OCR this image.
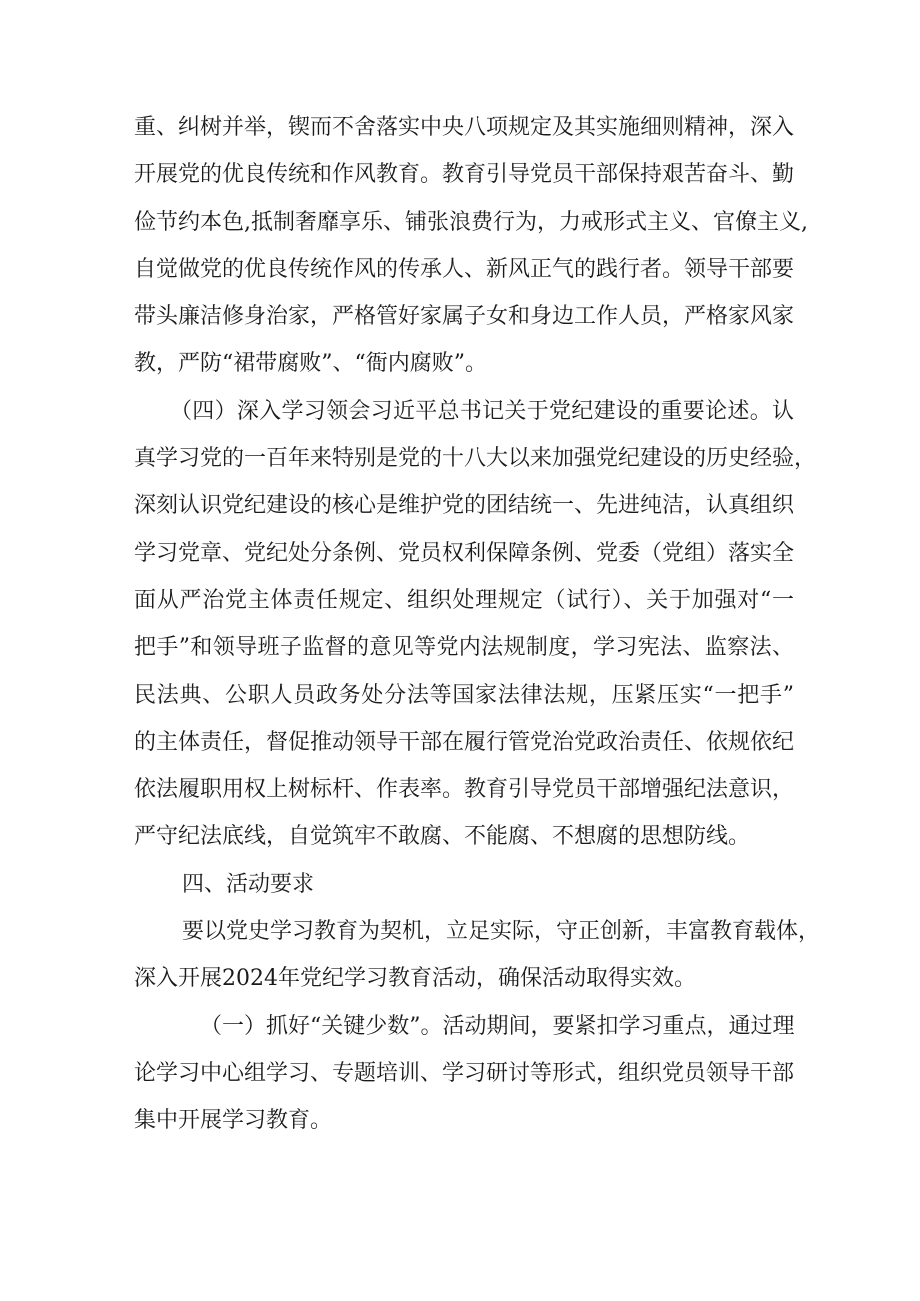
重、纠树并举，锲而不舍落实中央八项规定及其实施细则精神，深入
开展党的优良传统和作风教育。教育引导党员干部保持艰苦奋斗、勤
俭节约本色,抵制奢靡享乐、铺张浪费行为，力戒形式主义、官僚主义,
自觉做党的优良传统作风的传承人、新风正气的践行者。领导干部要
带头廉洁修身治家，严格管好家属子女和身边工作人员，严格家风家
教，严防“裙带腐败”、“衙内腐败”。
（四）深入学习领会习近平总书记关于党纪建设的重要论述。认
真学习党的一百年来特别是党的十八大以来加强党纪建设的历史经验，
深刻认识党纪建设的核心是维护党的团结统一、先进纯洁，认真组织
学习党章、党纪处分条例、党员权利保障条例、党委（党组）落实全
面从严治党主体责任规定、组织处理规定（试行）、关于加强对“一
把手”和领导班子监督的意见等党内法规制度，学习宪法、监察法、
民法典、公职人员政务处分法等国家法律法规，压紧压实“一把手”
的主体责任，督促推动领导干部在履行管党治党政治责任、依规依纪
依法履职用权上树标杆、作表率。教育引导党员干部增强纪法意识，
严守纪法底线，自觉筑牢不敢腐、不能腐、不想腐的思想防线。
四、活动要求
要以党史学习教育为契机，立足实际，守正创新，丰富教育载体，
深入开展2024年党纪学习教育活动，确保活动取得实效。
（一）抓好“关键少数”。活动期间，要紧扣学习重点，通过理
论学习中心组学习、专题培训、学习研讨等形式，组织党员领导干部
集中开展学习教育。
